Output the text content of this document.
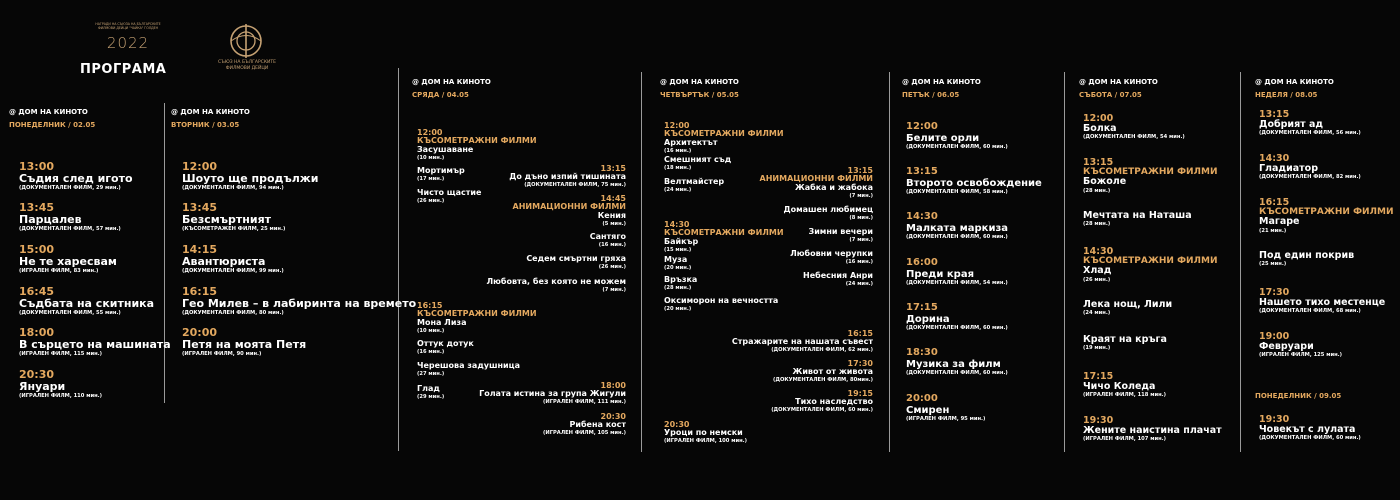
НАГРАДИ НА СЪЮЗА НА БЪЛГАРСКИТЕ ФИЛМОВИ ДЕЙЦИ "ЧАЙКА" ГОЛДЕН
2022
ПРОГРАМА	СЪЮЗ НА БЪЛГАРСКИТЕ ФИЛМОВИ ДЕЙЦИ
@ ДОМ НА КИНОТО
ПОНЕДЕЛНИК / 02.05
13:00
Съдия след игото
(ДОКУМЕНТАЛЕН ФИЛМ, 29 мин.)
13:45
Парцалев
(ДОКУМЕНТАЛЕН ФИЛМ, 57 мин.)
15:00
Не те харесвам
(ИГРАЛЕН ФИЛМ, 83 мин.)
16:45
Съдбата на скитника
(ДОКУМЕНТАЛЕН ФИЛМ, 55 мин.)
18:00
В сърцето на машината
(ИГРАЛЕН ФИЛМ, 115 мин.)
20:30
Януари
(ИГРАЛЕН ФИЛМ, 110 мин.)
@ ДОМ НА КИНОТО
ВТОРНИК / 03.05
12:00
Шоуто ще продължи
(ДОКУМЕНТАЛЕН ФИЛМ, 94 мин.)
13:45
Безсмъртният
(КЪСОМЕТРАЖЕН ФИЛМ, 25 мин.)
14:15
Авантюриста
(ДОКУМЕНТАЛЕН ФИЛМ, 99 мин.)
16:15
Гео Милев – в лабиринта на времето
(ДОКУМЕНТАЛЕН ФИЛМ, 80 мин.)
20:00
Петя на моята Петя
(ИГРАЛЕН ФИЛМ, 90 мин.)
@ ДОМ НА КИНОТО
СРЯДА / 04.05
12:00
КЪСОМЕТРАЖНИ ФИЛМИ
Засушаване
(10 мин.)
Мортимър
(17 мин.)
Чисто щастие
(26 мин.)
13:15
До дъно изпий тишината
(ДОКУМЕНТАЛЕН ФИЛМ, 75 мин.)
14:45
АНИМАЦИОННИ ФИЛМИ
Кения
(5 мин.)
Сантяго
(16 мин.)
Седем смъртни гряха
(26 мин.)
Любовта, без която не можем
(7 мин.)
16:15
КЪСОМЕТРАЖНИ ФИЛМИ
Мона Лиза
(10 мин.)
Оттук дотук
(16 мин.)
Черешова задушница
(27 мин.)
Глад
(29 мин.)
18:00
Голата истина за група Жигули
(ИГРАЛЕН ФИЛМ, 111 мин.)
20:30
Рибена кост
(ИГРАЛЕН ФИЛМ, 105 мин.)
@ ДОМ НА КИНОТО
ЧЕТВЪРТЪК / 05.05
12:00
КЪСОМЕТРАЖНИ ФИЛМИ
Архитектът
(16 мин.)
Смешният съд
(18 мин.)
Велтмайстер
(24 мин.)
13:15
АНИМАЦИОННИ ФИЛМИ
Жабка и жабока
(7 мин.)
Домашен любимец
(8 мин.)
Зимни вечери
(7 мин.)
Любовни черупки
(16 мин.)
Небесния Анри
(24 мин.)
14:30
КЪСОМЕТРАЖНИ ФИЛМИ
Байкър
(15 мин.)
Муза
(20 мин.)
Връзка
(28 мин.)
Оксиморон на вечността
(20 мин.)
16:15
Стражарите на нашата съвест
(ДОКУМЕНТАЛЕН ФИЛМ, 62 мин.)
17:30
Живот от живота
(ДОКУМЕНТАЛЕН ФИЛМ, 80мин.)
19:15
Тихо наследство
(ДОКУМЕНТАЛЕН ФИЛМ, 60 мин.)
20:30
Уроци по немски
(ИГРАЛЕН ФИЛМ, 100 мин.)
@ ДОМ НА КИНОТО
ПЕТЪК / 06.05
12:00
Белите орли
(ДОКУМЕНТАЛЕН ФИЛМ, 60 мин.)
13:15
Второто освобождение
(ДОКУМЕНТАЛЕН ФИЛМ, 58 мин.)
14:30
Малката маркиза
(ДОКУМЕНТАЛЕН ФИЛМ, 60 мин.)
16:00
Преди края
(ДОКУМЕНТАЛЕН ФИЛМ, 54 мин.)
17:15
Дорина
(ДОКУМЕНТАЛЕН ФИЛМ, 60 мин.)
18:30
Музика за филм
(ДОКУМЕНТАЛЕН ФИЛМ, 60 мин.)
20:00
Смирен
(ИГРАЛЕН ФИЛМ, 95 мин.)
@ ДОМ НА КИНОТО
СЪБОТА / 07.05
12:00
Болка
(ДОКУМЕНТАЛЕН ФИЛМ, 54 мин.)
13:15
КЪСОМЕТРАЖНИ ФИЛМИ
Божоле
(28 мин.)
Мечтата на Наташа
(28 мин.)
14:30
КЪСОМЕТРАЖНИ ФИЛМИ
Хлад
(26 мин.)
Лека нощ, Лили
(24 мин.)
Краят на кръга
(19 мин.)
17:15
Чичо Коледа
(ИГРАЛЕН ФИЛМ, 118 мин.)
19:30
Жените наистина плачат
(ИГРАЛЕН ФИЛМ, 107 мин.)
@ ДОМ НА КИНОТО
НЕДЕЛЯ / 08.05
13:15
Добрият ад
(ДОКУМЕНТАЛЕН ФИЛМ, 56 мин.)
14:30
Гладиатор
(ДОКУМЕНТАЛЕН ФИЛМ, 82 мин.)
16:15
КЪСОМЕТРАЖНИ ФИЛМИ
Магаре
(21 мин.)
Под един покрив
(25 мин.)
17:30
Нашето тихо местенце
(ДОКУМЕНТАЛЕН ФИЛМ, 68 мин.)
19:00
Февруари
(ИГРАЛЕН ФИЛМ, 125 мин.)
ПОНЕДЕЛНИК / 09.05
19:30
Човекът с лулата
(ДОКУМЕНТАЛЕН ФИЛМ, 60 мин.)
